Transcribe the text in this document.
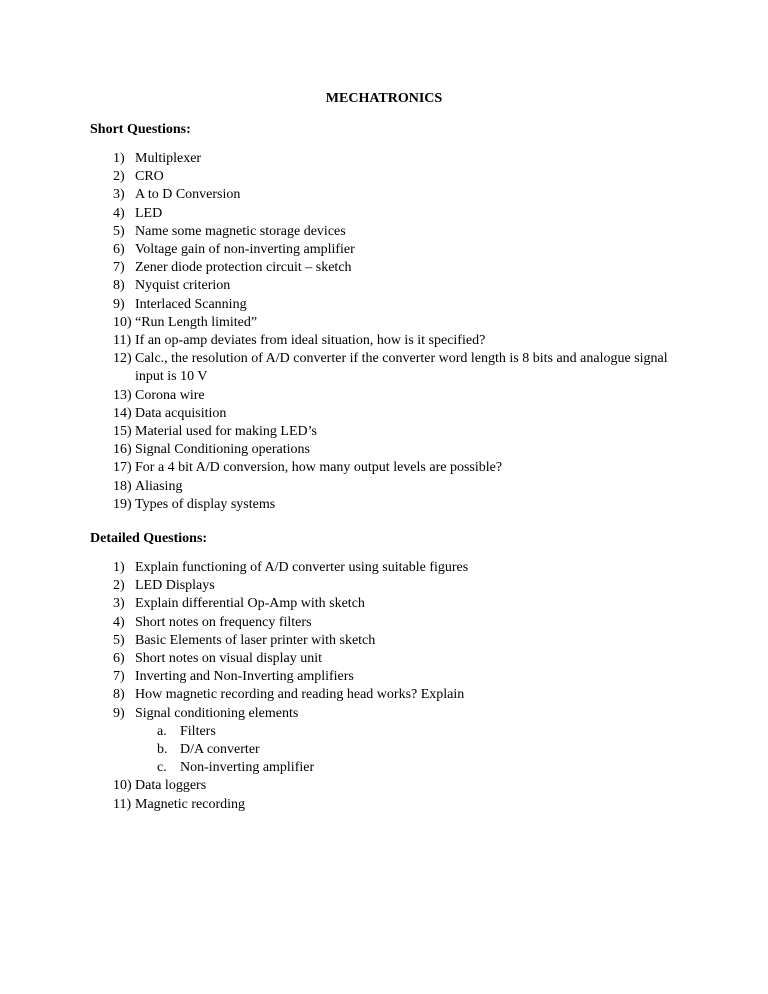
MECHATRONICS
Short Questions:
1) Multiplexer
2) CRO
3) A to D Conversion
4) LED
5) Name some magnetic storage devices
6) Voltage gain of non-inverting amplifier
7) Zener diode protection circuit – sketch
8) Nyquist criterion
9) Interlaced Scanning
10) “Run Length limited”
11) If an op-amp deviates from ideal situation, how is it specified?
12) Calc., the resolution of A/D converter if the converter word length is 8 bits and analogue signal input is 10 V
13) Corona wire
14) Data acquisition
15) Material used for making LED’s
16) Signal Conditioning operations
17) For a 4 bit A/D conversion, how many output levels are possible?
18) Aliasing
19) Types of display systems
Detailed Questions:
1) Explain functioning of A/D converter using suitable figures
2) LED Displays
3) Explain differential Op-Amp with sketch
4) Short notes on frequency filters
5) Basic Elements of laser printer with sketch
6) Short notes on visual display unit
7) Inverting and Non-Inverting amplifiers
8) How magnetic recording and reading head works? Explain
9) Signal conditioning elements
a. Filters
b. D/A converter
c. Non-inverting amplifier
10) Data loggers
11) Magnetic recording
